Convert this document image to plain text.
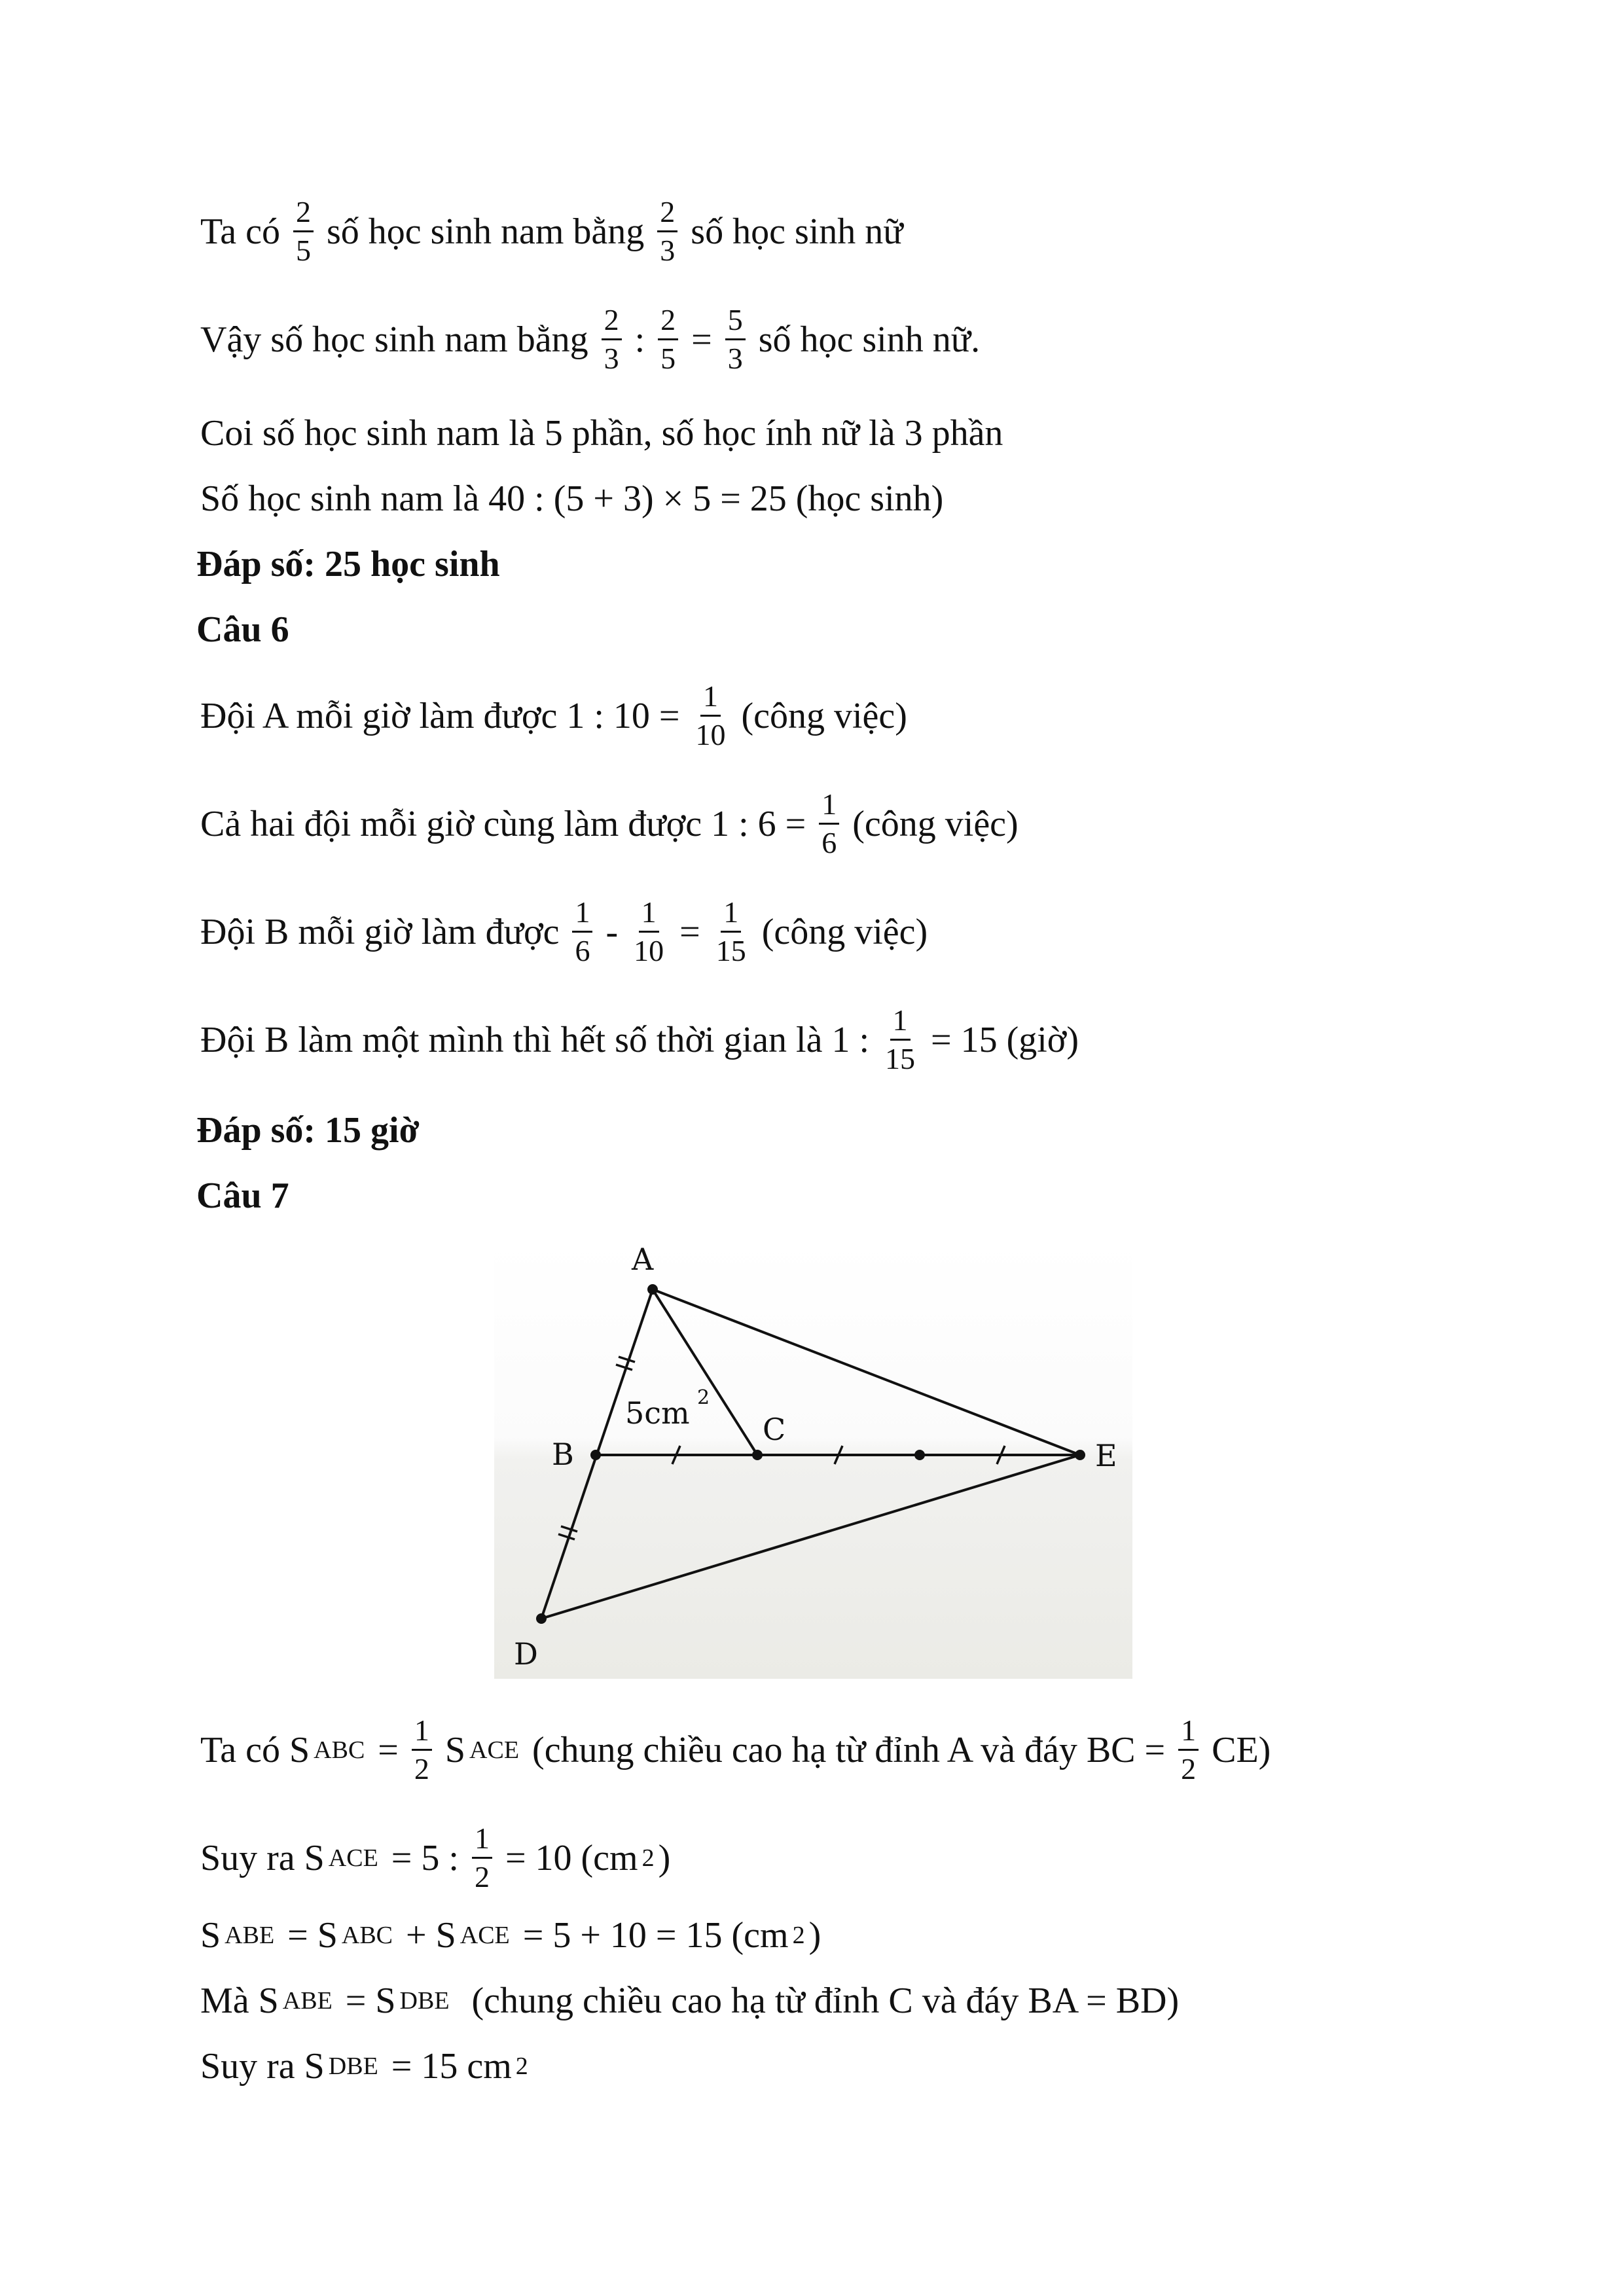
Ta có $\frac{2}{5}$ số học sinh nam bằng $\frac{2}{3}$ số học sinh nữ
Vậy số học sinh nam bằng $\frac{2}{3}$ : $\frac{2}{5} = \frac{5}{3}$ số học sinh nữ.
Coi số học sinh nam là 5 phần, số học ính nữ là 3 phần
Số học sinh nam là 40 : (5 + 3) × 5 = 25 (học sinh)
Đáp số: 25 học sinh
Câu 6
Đội A mỗi giờ làm được 1 : $10 = \frac{1}{10}$ (công việc)
Cả hai đội mỗi giờ cùng làm được 1 : $6 = \frac{1}{6}$ (công việc)
Đội B mỗi giờ làm được $\frac{1}{6} - \frac{1}{10} = \frac{1}{15}$ (công việc)
Đội B làm một mình thì hết số thời gian là 1 : $\frac{1}{15} = 15$ (giờ)
Đáp số: 15 giờ
Câu 7
A
B
C
E
D
5cm 2
Ta có S ABC
= $\frac{1}{2}$ S ACE
(chung chiều cao hạ từ đỉnh A và đáy BC = $\frac{1}{2} CE$)
Suy ra S ACE
= 5 : $\frac{1}{2} = 10$ (cm 2 )
S ABE
= S ABC
+ S ACE
= 5 + 10 = 15 (cm 2 )
Mà S ABE
= S DBE
(chung chiều cao hạ từ đỉnh C và đáy BA = BD)
Suy ra S DBE
= 15 cm 2
